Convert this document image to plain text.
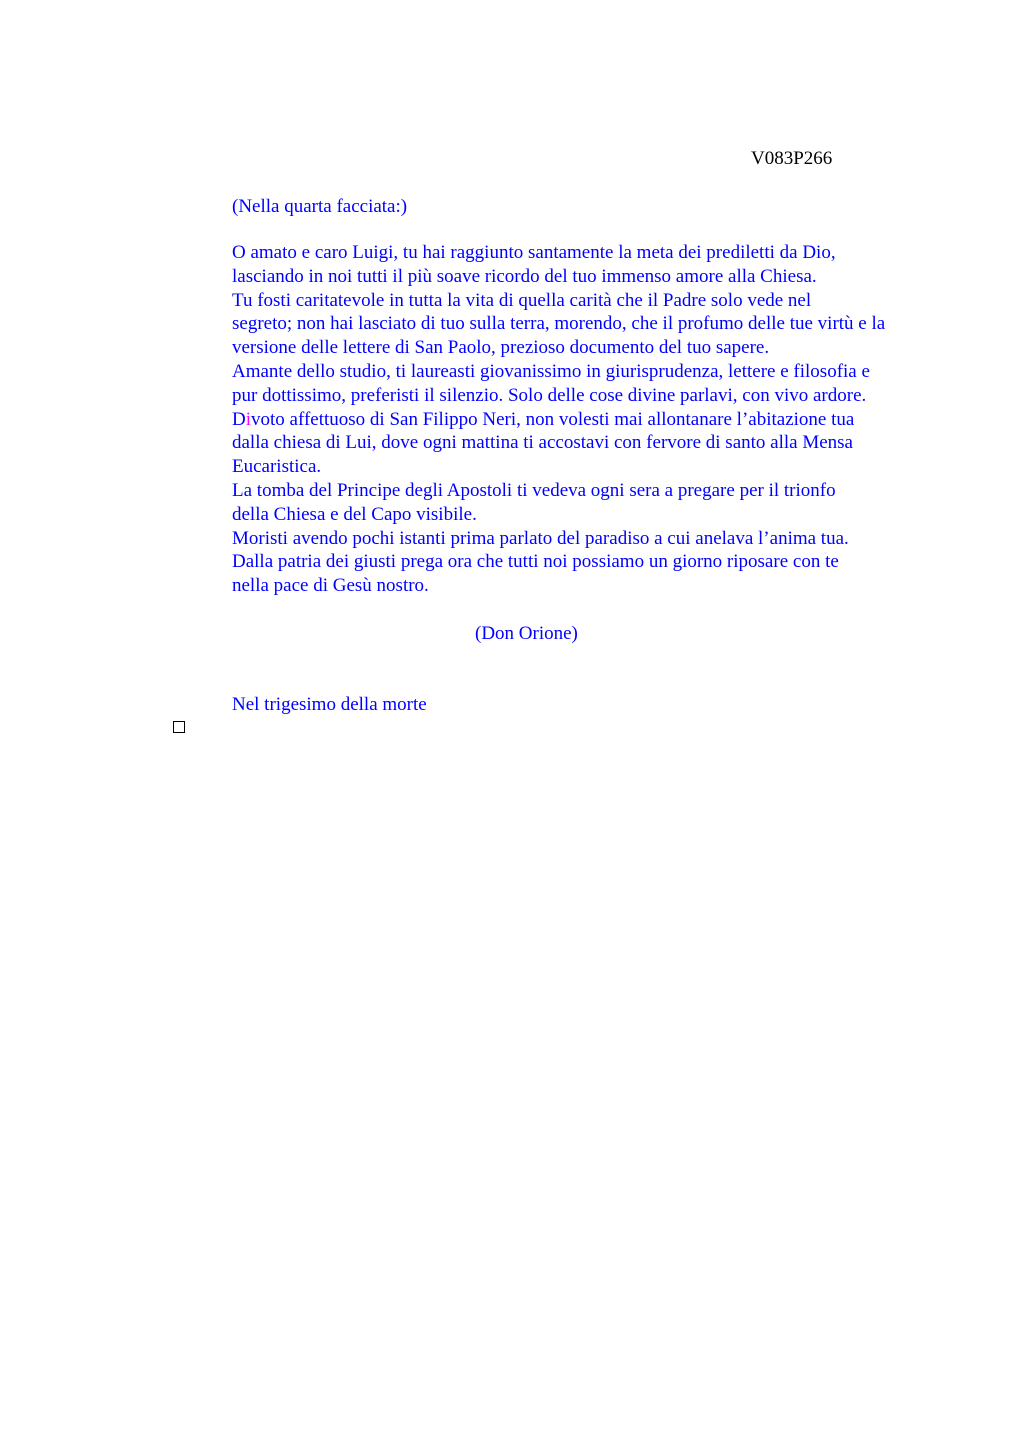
V083P266

(Nella quarta facciata:)

O amato e caro Luigi, tu hai raggiunto santamente la meta dei prediletti da Dio,
lasciando in noi tutti il più soave ricordo del tuo immenso amore alla Chiesa.

Tu fosti caritatevole in tutta la vita di quella carità che il Padre solo vede nel
segreto; non hai lasciato di tuo sulla terra, morendo, che il profumo delle tue virtù e la
versione delle lettere di San Paolo, prezioso documento del tuo sapere.

Amante dello studio, ti laureasti giovanissimo in giurisprudenza, lettere e filosofia e
pur dottissimo, preferisti il silenzio. Solo delle cose divine parlavi, con vivo ardore.

Divoto affettuoso di San Filippo Neri, non volesti mai allontanare l’abitazione tua
dalla chiesa di Lui, dove ogni mattina ti accostavi con fervore di santo alla Mensa
Eucaristica.

La tomba del Principe degli Apostoli ti vedeva ogni sera a pregare per il trionfo
della Chiesa e del Capo visibile.

Moristi avendo pochi istanti prima parlato del paradiso a cui anelava l’anima tua.

Dalla patria dei giusti prega ora che tutti noi possiamo un giorno riposare con te
nella pace di Gesù nostro.

(Don Orione)

Nel trigesimo della morte
